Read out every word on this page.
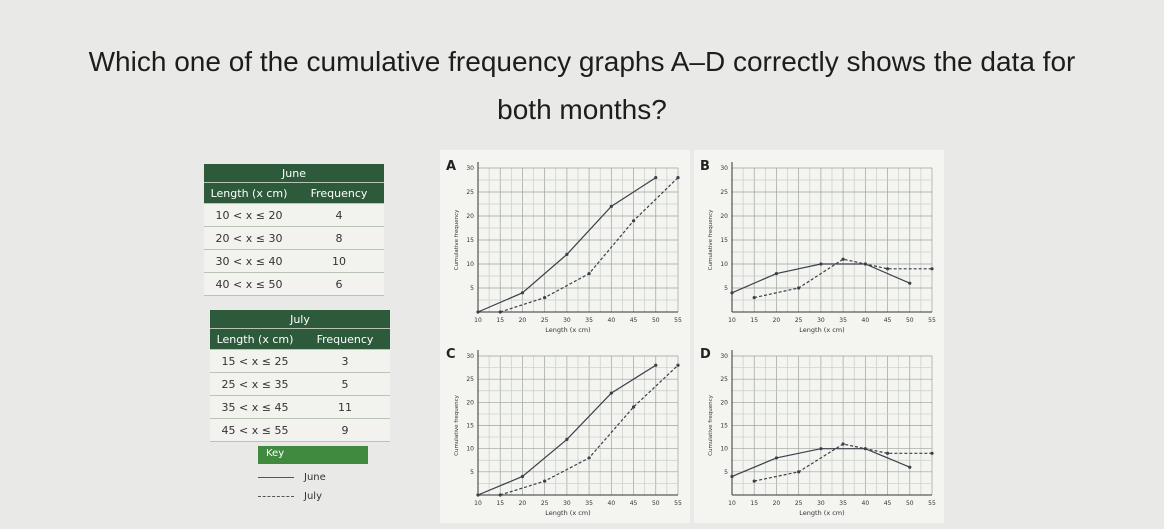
Which one of the cumulative frequency graphs A–D correctly shows the data for
both months?
June	
Length (x cm)	Frequency
10 < x ≤ 20	4
20 < x ≤ 30	8
30 < x ≤ 40	10
40 < x ≤ 50	6
July	
Length (x cm)	Frequency
15 < x ≤ 25	3
25 < x ≤ 35	5
35 < x ≤ 45	11
45 < x ≤ 55	9
Key
June
July
A
10 15 20 25 30 35 40 45 50 55
5
10
15
20
25
30
Length (x cm)
Cumulative frequency
B
10 15 20 25 30 35 40 45 50 55
5
10
15
20
25
30
Length (x cm)
Cumulative frequency
C
10 15 20 25 30 35 40 45 50 55
5
10
15
20
25
30
Length (x cm)
Cumulative frequency
D
10 15 20 25 30 35 40 45 50 55
5
10
15
20
25
30
Length (x cm)
Cumulative frequency
